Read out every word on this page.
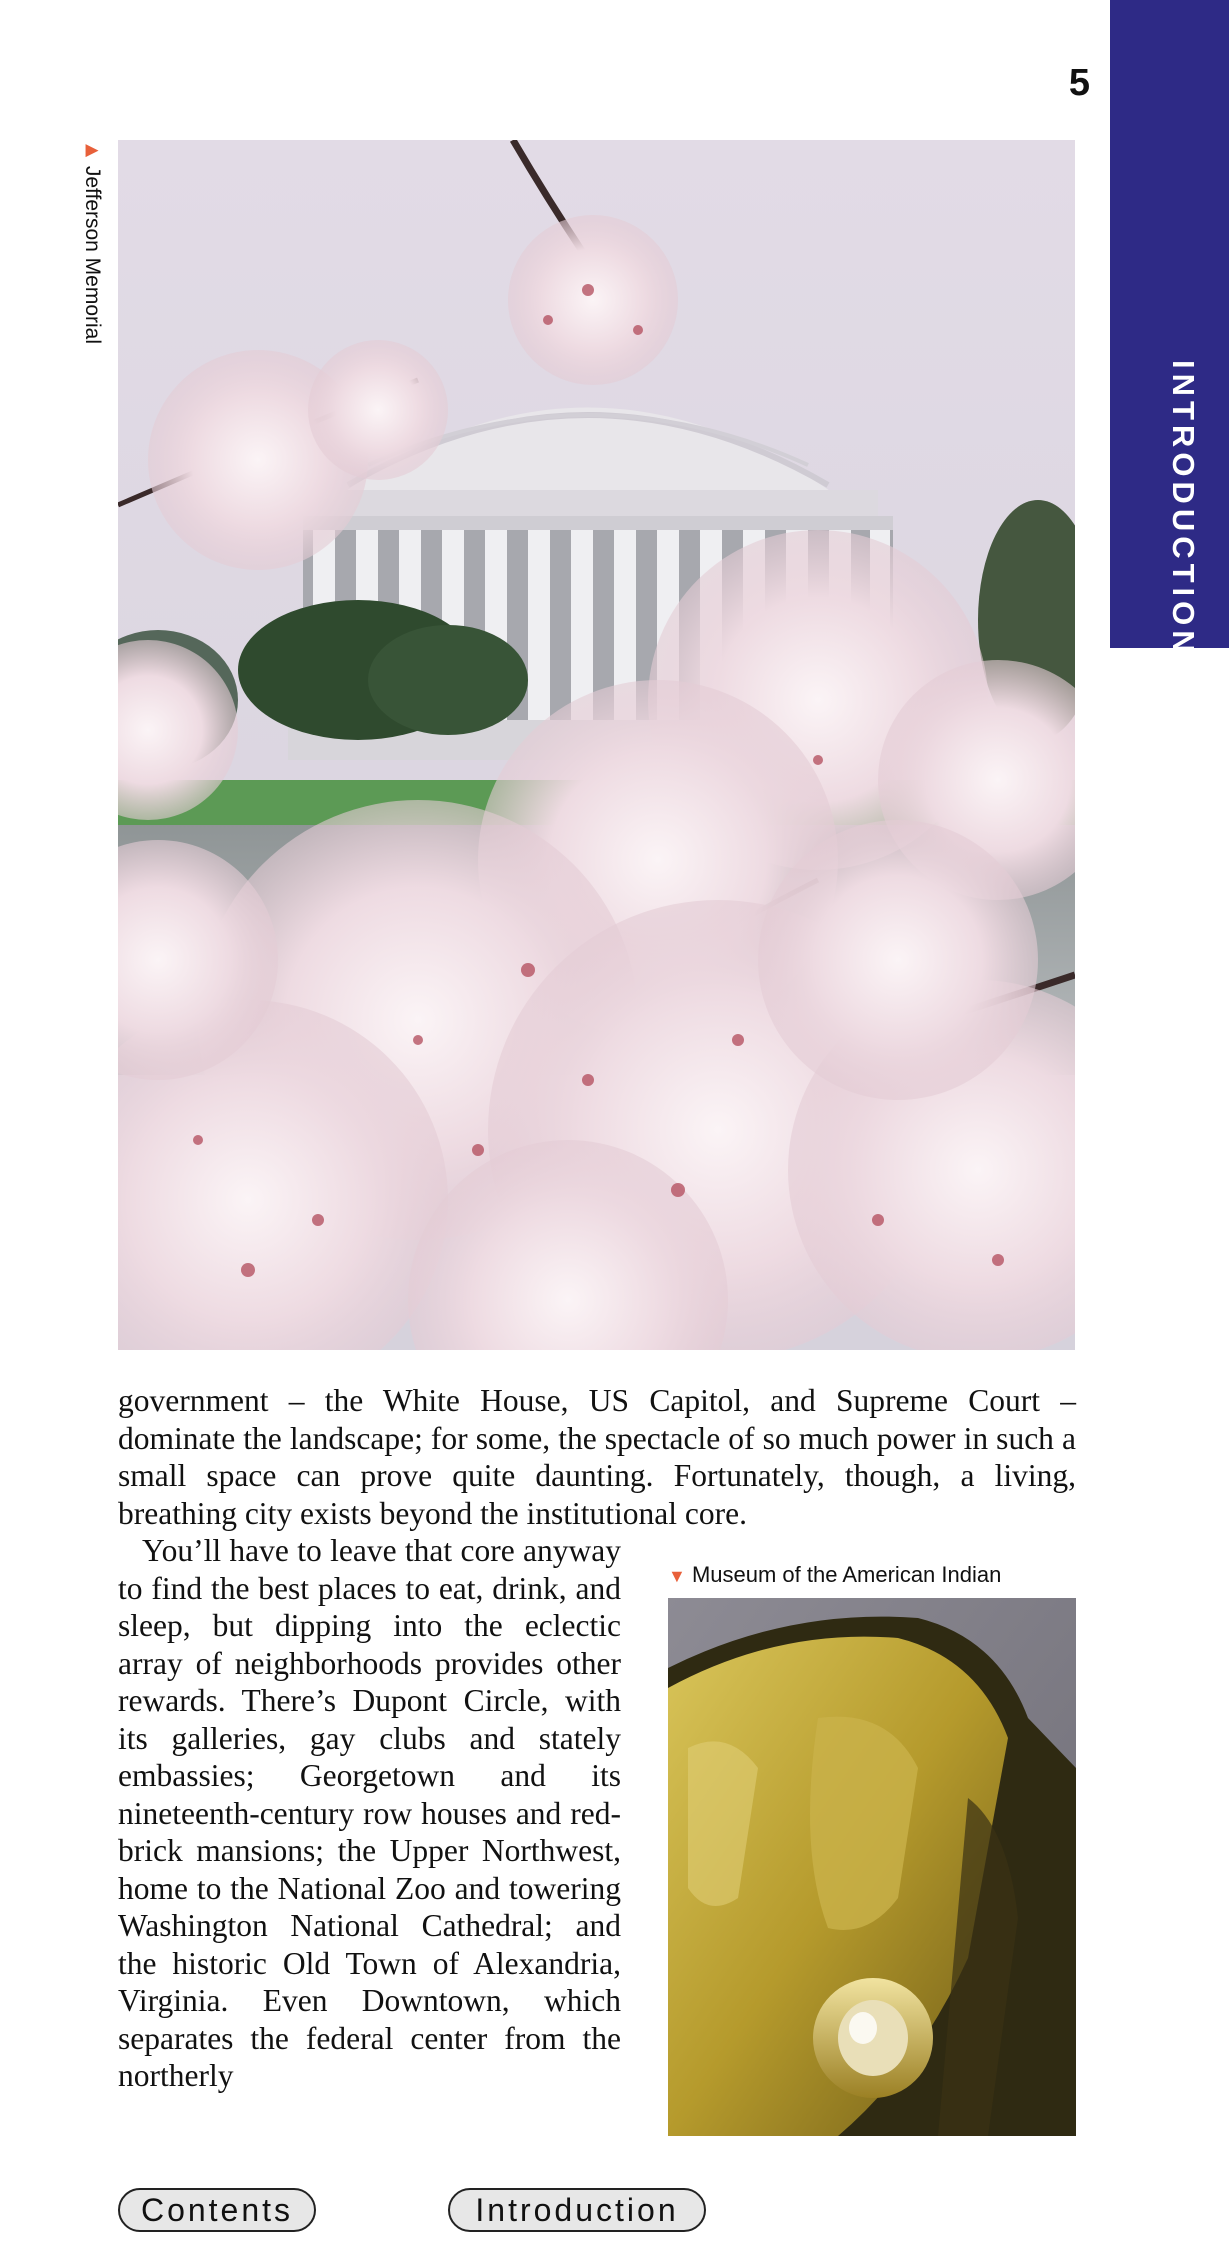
5
INTRODUCTION
▶ Jefferson Memorial
government – the White House, US Capitol, and Supreme Court – dominate the landscape; for some, the spectacle of so much power in such a small space can prove quite daunting. Fortunately, though, a living, breathing city exists beyond the institutional core.
You’ll have to leave that core anyway to find the best places to eat, drink, and sleep, but dipping into the eclectic array of neighborhoods provides other rewards. There’s Dupont Circle, with its galleries, gay clubs and stately embassies; Georgetown and its nineteenth-century row houses and red-brick mansions; the Upper Northwest, home to the National Zoo and towering Washington National Cathedral; and the historic Old Town of Alexandria, Virginia. Even Downtown, which separates the federal center from the northerly
▼ Museum of the American Indian
Contents	Introduction
